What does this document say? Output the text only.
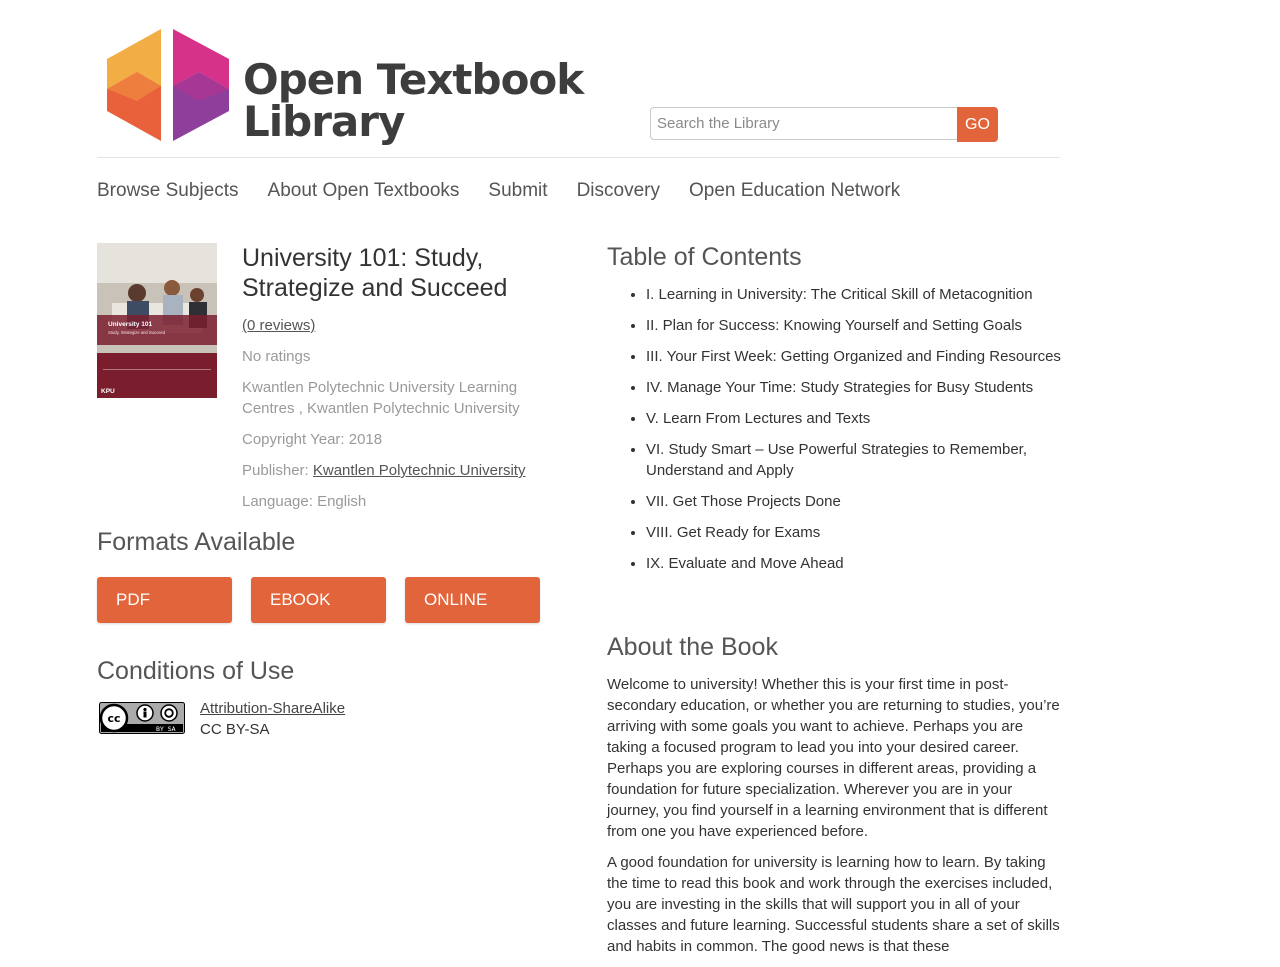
Open Textbook
Library
Search the Library	GO
Browse Subjects About Open Textbooks Submit Discovery Open Education Network
University 101
Study, Strategize and Succeed
KPU
University 101: Study, Strategize and Succeed
(0 reviews)
No ratings
Kwantlen Polytechnic University Learning Centres , Kwantlen Polytechnic University
Copyright Year: 2018
Publisher: Kwantlen Polytechnic University
Language: English
Formats Available
PDF	EBOOK	ONLINE
Conditions of Use
cc
BY SA
Attribution-ShareAlike
CC BY-SA
Table of Contents
• I. Learning in University: The Critical Skill of Metacognition
• II. Plan for Success: Knowing Yourself and Setting Goals
• III. Your First Week: Getting Organized and Finding Resources
• IV. Manage Your Time: Study Strategies for Busy Students
• V. Learn From Lectures and Texts
• VI. Study Smart – Use Powerful Strategies to Remember, Understand and Apply
• VII. Get Those Projects Done
• VIII. Get Ready for Exams
• IX. Evaluate and Move Ahead
About the Book

Welcome to university! Whether this is your first time in post-secondary education, or whether you are returning to studies, you’re arriving with some goals you want to achieve. Perhaps you are taking a focused program to lead you into your desired career. Perhaps you are exploring courses in different areas, providing a foundation for future specialization. Wherever you are in your journey, you find yourself in a learning environment that is different from one you have experienced before.

A good foundation for university is learning how to learn. By taking the time to read this book and work through the exercises included, you are investing in the skills that will support you in all of your classes and future learning. Successful students share a set of skills and habits in common. The good news is that these
